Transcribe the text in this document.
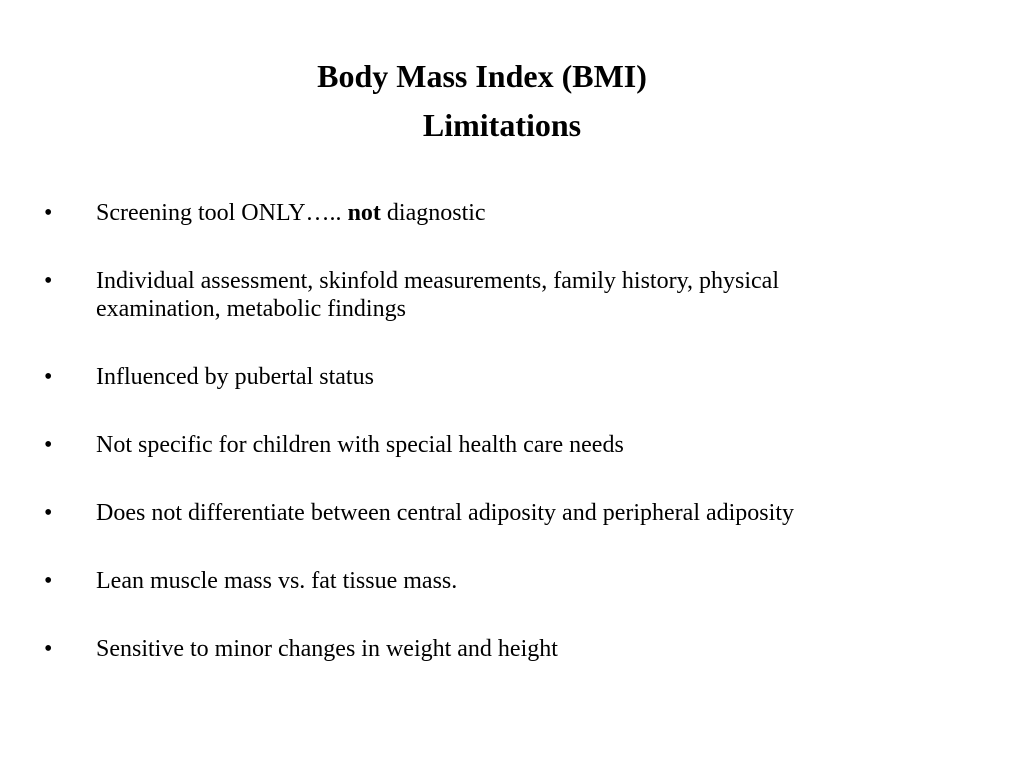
Body Mass Index (BMI)
Limitations
• Screening tool ONLY….. not diagnostic
• Individual assessment, skinfold measurements, family history, physical
examination, metabolic findings
• Influenced by pubertal status
• Not specific for children with special health care needs
• Does not differentiate between central adiposity and peripheral adiposity
• Lean muscle mass vs. fat tissue mass.
• Sensitive to minor changes in weight and height
